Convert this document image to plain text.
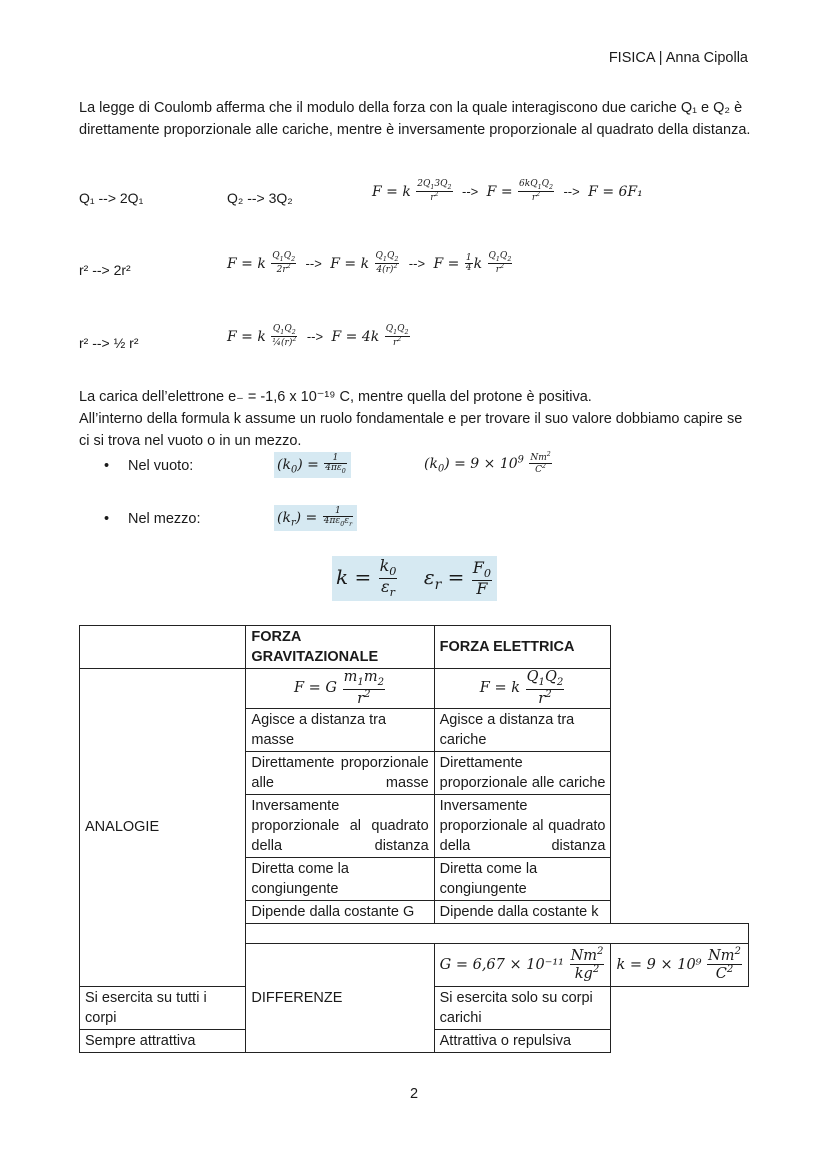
FISICA | Anna Cipolla
La legge di Coulomb afferma che il modulo della forza con la quale interagiscono due cariche Q₁ e Q₂ è direttamente proporzionale alle cariche, mentre è inversamente proporzionale al quadrato della distanza.
Q₁ --> 2Q₁	Q₂ --> 3Q₂	F = k $\frac{2Q_13Q_2}{r^2}$ --> $F = \frac{6kQ_1Q_2}{r^2}$ --> F = 6F₁
r² --> 2r²	F = k $\frac{Q_1Q_2}{2r^2}$ --> F = k $\frac{Q_1Q_2}{4(r)^2}$ --> $F = \frac{1}{4}$ k $\frac{Q_1Q_2}{r^2}$
r² --> ½ r²	F = k $\frac{Q_1Q_2}{\frac{1}{4}(r)^2}$ --> $F = 4k \frac{Q_1Q_2}{r^2}$
La carica dell’elettrone e₋ = -1,6 x 10⁻¹⁹ C, mentre quella del protone è positiva.
All’interno della formula k assume un ruolo fondamentale e per trovare il suo valore dobbiamo capire se ci si trova nel vuoto o in un mezzo.
• Nel vuoto:	$(k_0) = \frac{1}{4\pi\varepsilon_0}$	$(k_0) = 9 \times 10^9 \frac{Nm^2}{C^2}$
• Nel mezzo:	$(k_r) = \frac{1}{4\pi\varepsilon_0\varepsilon_r}$
$k = \frac{k_0}{\varepsilon_r} \varepsilon_r = \frac{F_0}{F}$
	FORZA GRAVITAZIONALE	FORZA ELETTRICA	
ANALOGIE	F = G $\frac{m_1m_2}{r^2}$	F = k $\frac{Q_1Q_2}{r^2}$

	Agisce a distanza tra masse	Agisce a distanza tra cariche	
	Direttamente proporzionale alle masse	Direttamente proporzionale alle cariche	
	Inversamente proporzionale al quadrato della distanza	Inversamente proporzionale al quadrato della distanza	
	Diretta come la congiungente	Diretta come la congiungente	
	Dipende dalla costante G	Dipende dalla costante k	

	DIFFERENZE	$G = 6,67 \times 10^{-11} \frac{Nm^2}{kg^2}$	$k = 9 \times 10^9 \frac{Nm^2}{C^2}$

Si esercita su tutti i corpi		Si esercita solo su corpi carichi	
Sempre attrattiva		Attrattiva o repulsiva	
2
